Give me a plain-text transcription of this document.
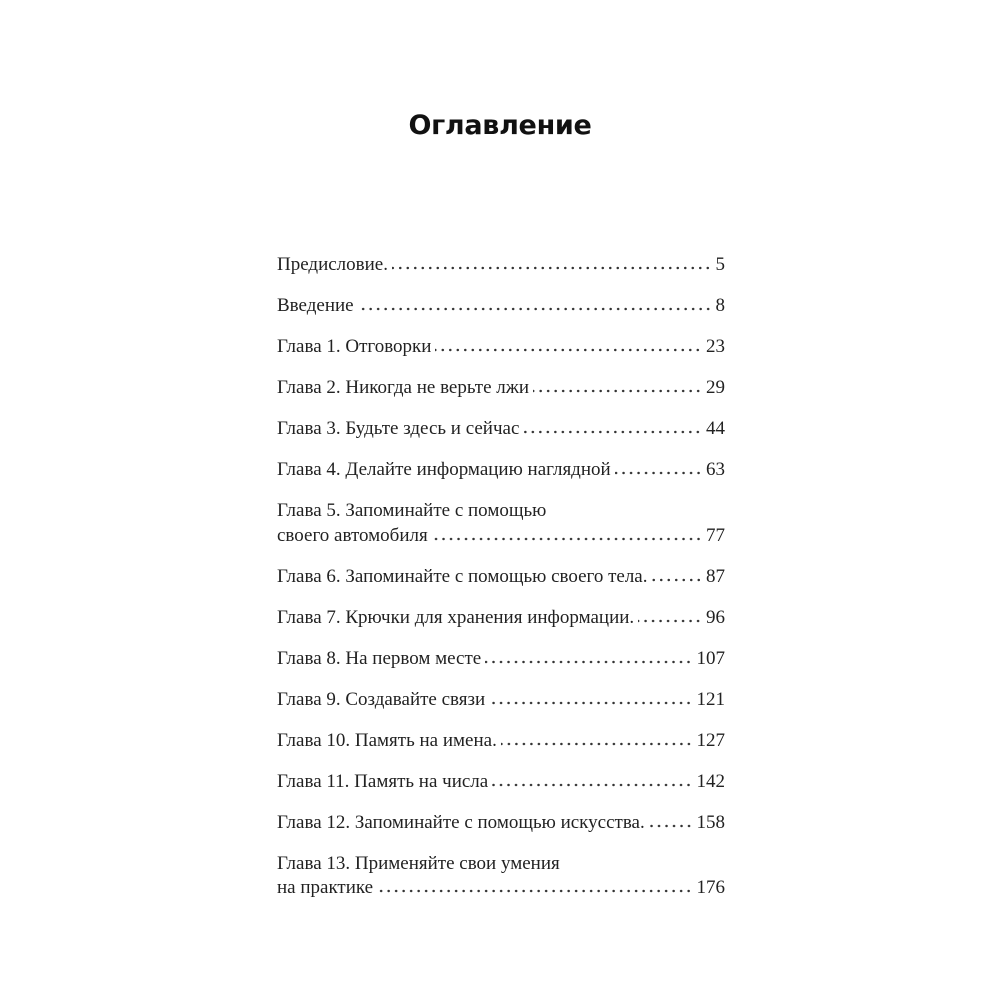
Оглавление
Предисловие.	5
Введение	8
Глава 1. Отговорки	23
Глава 2. Никогда не верьте лжи	29
Глава 3. Будьте здесь и сейчас	44
Глава 4. Делайте информацию наглядной	63
Глава 5. Запоминайте с помощью
своего автомобиля	77
Глава 6. Запоминайте с помощью своего тела.	87
Глава 7. Крючки для хранения информации.	96
Глава 8. На первом месте	107
Глава 9. Создавайте связи	121
Глава 10. Память на имена.	127
Глава 11. Память на числа	142
Глава 12. Запоминайте с помощью искусства.	158
Глава 13. Применяйте свои умения
на практике	176
